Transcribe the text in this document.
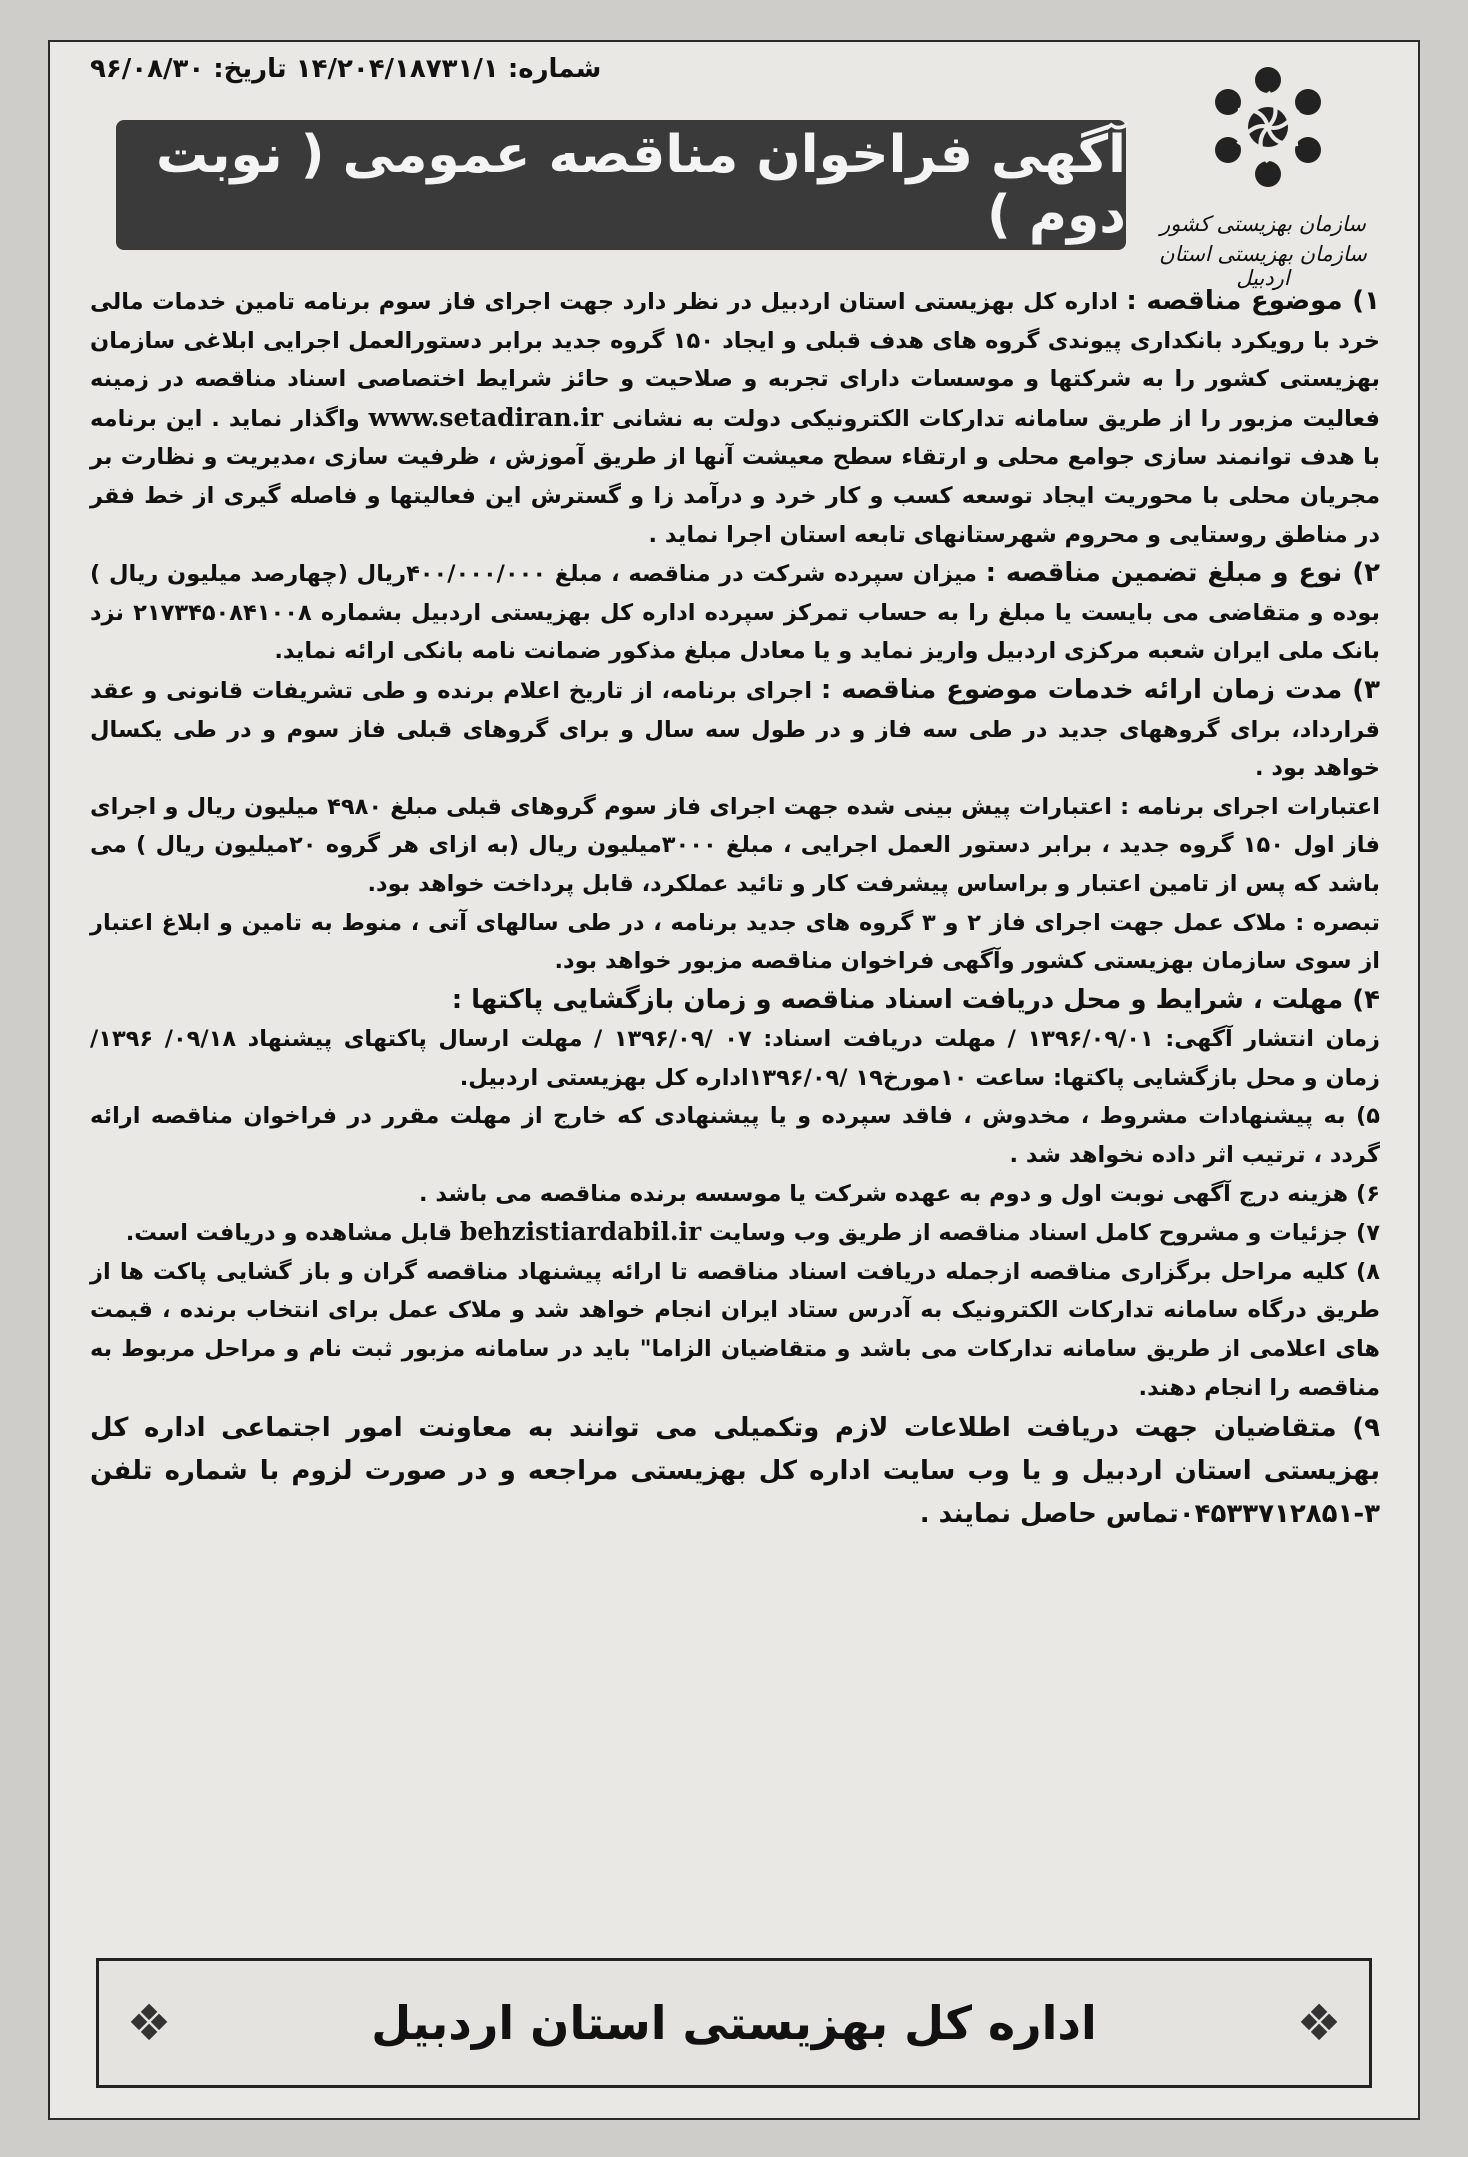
شماره: ۱۴/۲۰۴/۱۸۷۳۱/۱ تاریخ: ۹۶/۰۸/۳۰
آگهی فراخوان مناقصه عمومی ( نوبت دوم )	سازمان بهزیستی کشور
سازمان بهزیستی استان اردبیل

۱) موضوع مناقصه : اداره کل بهزیستی استان اردبیل در نظر دارد جهت اجرای فاز سوم برنامه تامین خدمات مالی خرد با رویکرد بانکداری پیوندی گروه های هدف قبلی و ایجاد ۱۵۰ گروه جدید برابر دستورالعمل اجرایی ابلاغی سازمان بهزیستی کشور را به شرکتها و موسسات دارای تجربه و صلاحیت و حائز شرایط اختصاصی اسناد مناقصه در زمینه فعالیت مزبور را از طریق سامانه تدارکات الکترونیکی دولت به نشانی www.setadiran.ir واگذار نماید . این برنامه با هدف توانمند سازی جوامع محلی و ارتقاء سطح معیشت آنها از طریق آموزش ، ظرفیت سازی ،مدیریت و نظارت بر مجریان محلی با محوریت ایجاد توسعه کسب و کار خرد و درآمد زا و گسترش این فعالیتها و فاصله گیری از خط فقر در مناطق روستایی و محروم شهرستانهای تابعه استان اجرا نماید .

۲) نوع و مبلغ تضمین مناقصه : میزان سپرده شرکت در مناقصه ، مبلغ ۴۰۰/۰۰۰/۰۰۰ریال (چهارصد میلیون ریال ) بوده و متقاضی می بایست یا مبلغ را به حساب تمرکز سپرده اداره کل بهزیستی اردبیل بشماره ۲۱۷۳۴۵۰۸۴۱۰۰۸ نزد بانک ملی ایران شعبه مرکزی اردبیل واریز نماید و یا معادل مبلغ مذکور ضمانت نامه بانکی ارائه نماید.

۳) مدت زمان ارائه خدمات موضوع مناقصه : اجرای برنامه، از تاریخ اعلام برنده و طی تشریفات قانونی و عقد قرارداد، برای گروههای جدید در طی سه فاز و در طول سه سال و برای گروهای قبلی فاز سوم و در طی یکسال خواهد بود .

اعتبارات اجرای برنامه : اعتبارات پیش بینی شده جهت اجرای فاز سوم گروهای قبلی مبلغ ۴۹۸۰ میلیون ریال و اجرای فاز اول ۱۵۰ گروه جدید ، برابر دستور العمل اجرایی ، مبلغ ۳۰۰۰میلیون ریال (به ازای هر گروه ۲۰میلیون ریال ) می باشد که پس از تامین اعتبار و براساس پیشرفت کار و تائید عملکرد، قابل پرداخت خواهد بود.

تبصره : ملاک عمل جهت اجرای فاز ۲ و ۳ گروه های جدید برنامه ، در طی سالهای آتی ، منوط به تامین و ابلاغ اعتبار از سوی سازمان بهزیستی کشور وآگهی فراخوان مناقصه مزبور خواهد بود.

۴) مهلت ، شرایط و محل دریافت اسناد مناقصه و زمان بازگشایی پاکتها :

زمان انتشار آگهی: ۱۳۹۶/۰۹/۰۱ / مهلت دریافت اسناد: ۰۷ /۱۳۹۶/۰۹ / مهلت ارسال پاکتهای پیشنهاد ۰۹/۱۸/ ۱۳۹۶/ زمان و محل بازگشایی پاکتها: ساعت ۱۰مورخ۱۹ /۱۳۹۶/۰۹اداره کل بهزیستی اردبیل.

۵) به پیشنهادات مشروط ، مخدوش ، فاقد سپرده و یا پیشنهادی که خارج از مهلت مقرر در فراخوان مناقصه ارائه گردد ، ترتیب اثر داده نخواهد شد .

۶) هزینه درج آگهی نوبت اول و دوم به عهده شرکت یا موسسه برنده مناقصه می باشد .

۷) جزئیات و مشروح کامل اسناد مناقصه از طریق وب وسایت behzistiardabil.ir قابل مشاهده و دریافت است.

۸) کلیه مراحل برگزاری مناقصه ازجمله دریافت اسناد مناقصه تا ارائه پیشنهاد مناقصه گران و باز گشایی پاکت ها از طریق درگاه سامانه تدارکات الکترونیک به آدرس ستاد ایران انجام خواهد شد و ملاک عمل برای انتخاب برنده ، قیمت های اعلامی از طریق سامانه تدارکات می باشد و متقاضیان الزاما" باید در سامانه مزبور ثبت نام و مراحل مربوط به مناقصه را انجام دهند.

۹) متقاضیان جهت دریافت اطلاعات لازم وتکمیلی می توانند به معاونت امور اجتماعی اداره کل بهزیستی استان اردبیل و یا وب سایت اداره کل بهزیستی مراجعه و در صورت لزوم با شماره تلفن ۳-۰۴۵۳۳۷۱۲۸۵۱تماس حاصل نمایند .

❖	اداره کل بهزیستی استان اردبیل	❖
